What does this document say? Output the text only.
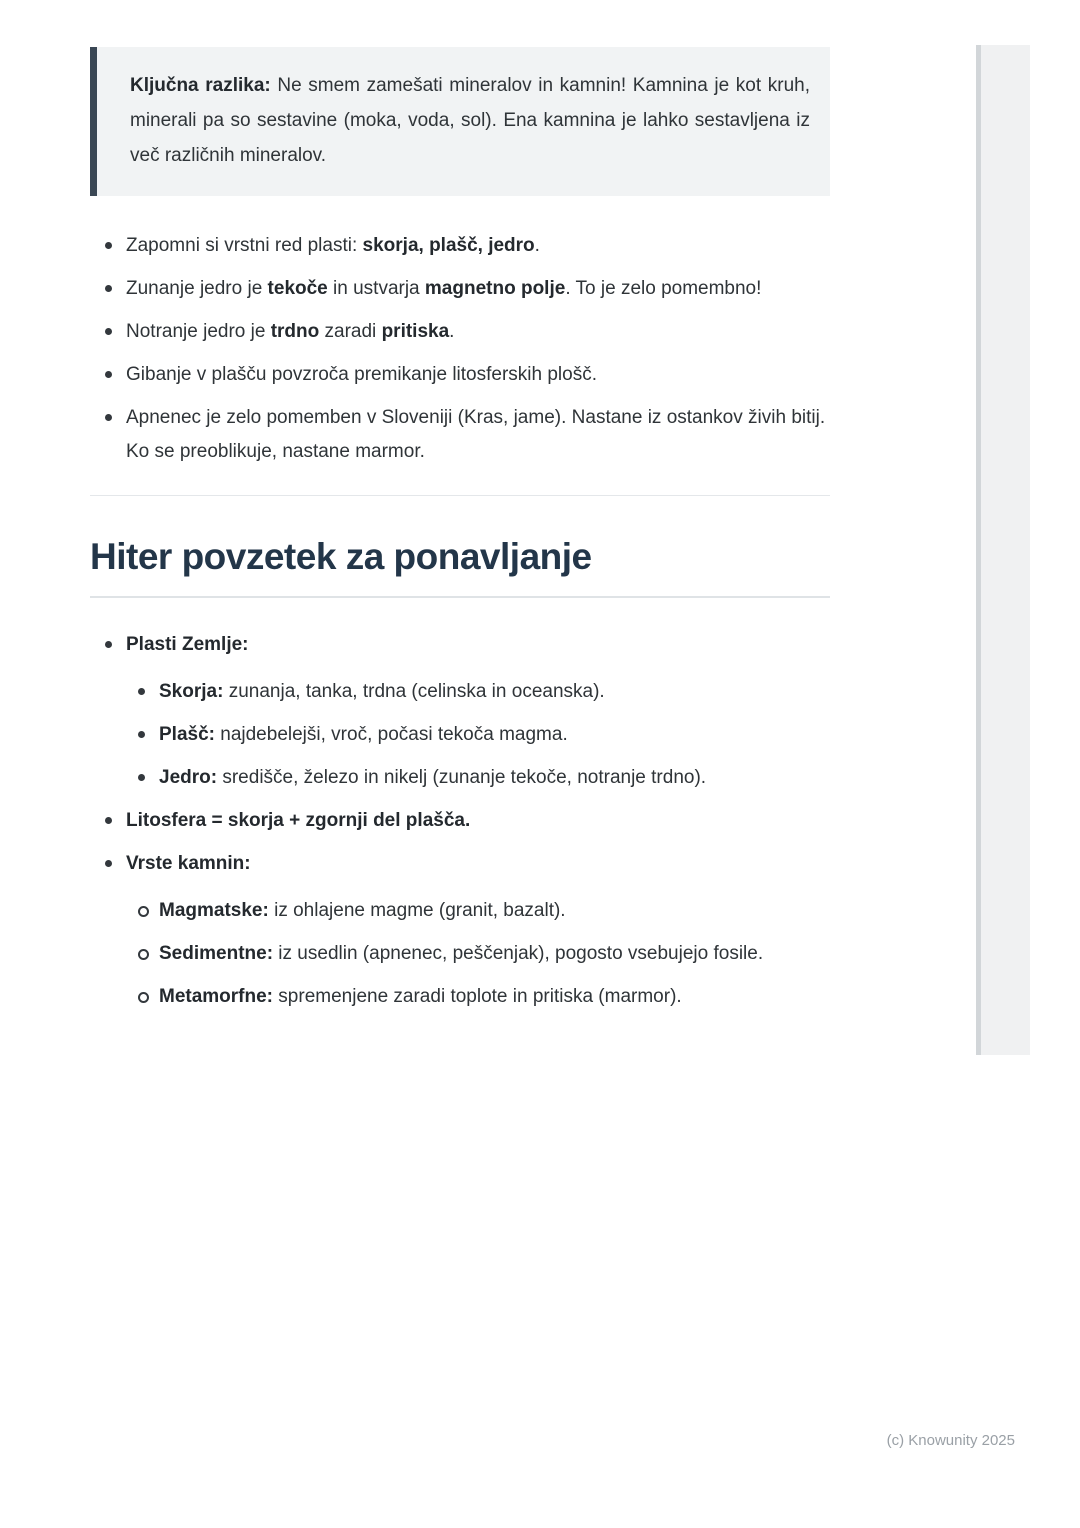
Ključna razlika: Ne smem zamešati mineralov in kamnin! Kamnina je kot kruh, minerali pa so sestavine (moka, voda, sol). Ena kamnina je lahko sestavljena iz več različnih mineralov.

Zapomni si vrstni red plasti: skorja, plašč, jedro.
Zunanje jedro je tekoče in ustvarja magnetno polje. To je zelo pomembno!
Notranje jedro je trdno zaradi pritiska.
Gibanje v plašču povzroča premikanje litosferskih plošč.
Apnenec je zelo pomemben v Sloveniji (Kras, jame). Nastane iz ostankov živih bitij. Ko se preoblikuje, nastane marmor.
Hiter povzetek za ponavljanje
Plasti Zemlje:
Skorja: zunanja, tanka, trdna (celinska in oceanska).
Plašč: najdebelejši, vroč, počasi tekoča magma.
Jedro: središče, železo in nikelj (zunanje tekoče, notranje trdno).
Litosfera = skorja + zgornji del plašča.
Vrste kamnin:
Magmatske: iz ohlajene magme (granit, bazalt).
Sedimentne: iz usedlin (apnenec, peščenjak), pogosto vsebujejo fosile.
Metamorfne: spremenjene zaradi toplote in pritiska (marmor).
(c) Knowunity 2025
